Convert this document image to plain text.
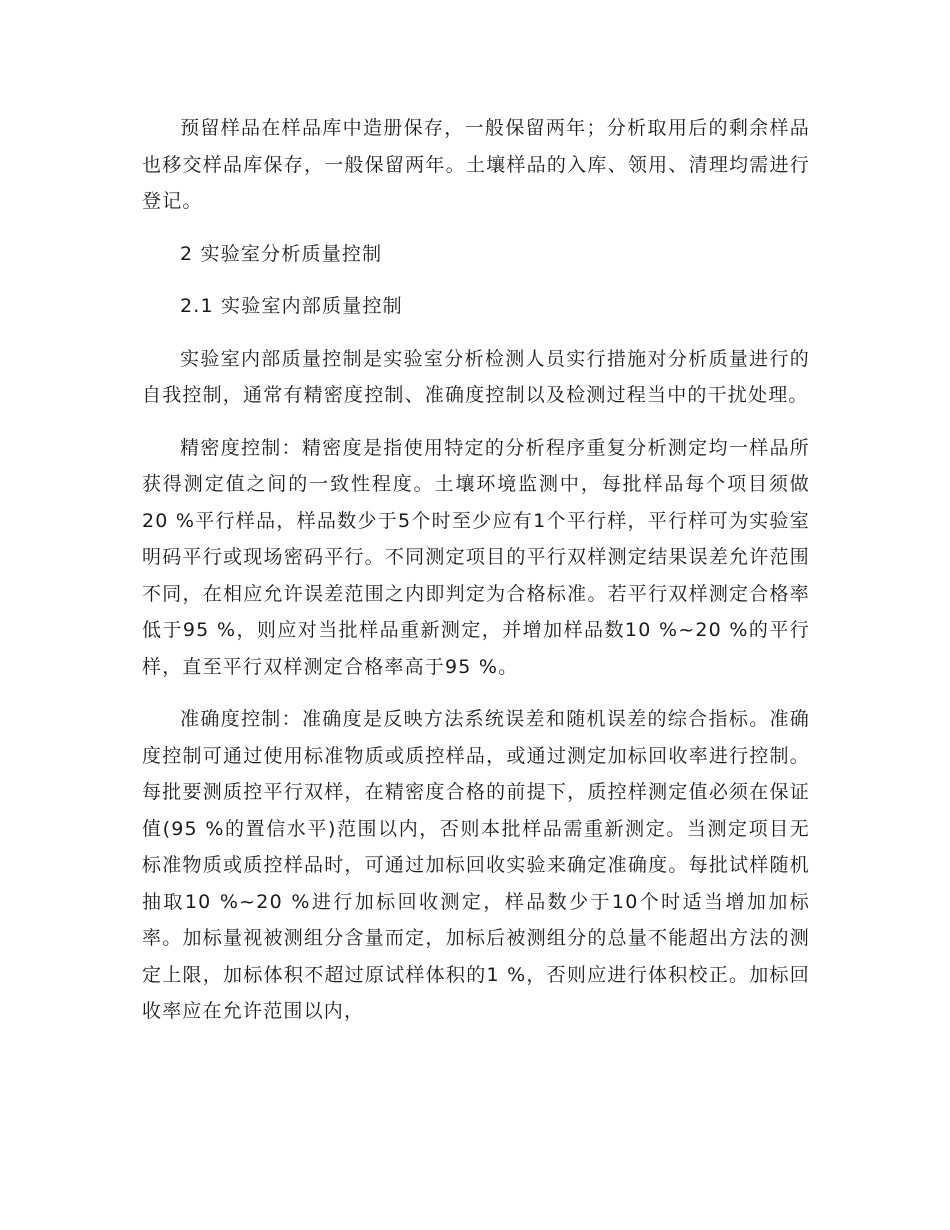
预留样品在样品库中造册保存，一般保留两年；分析取用后的剩余样品也移交样品库保存，一般保留两年。土壤样品的入库、领用、清理均需进行登记。

2 实验室分析质量控制

2.1 实验室内部质量控制

实验室内部质量控制是实验室分析检测人员实行措施对分析质量进行的自我控制，通常有精密度控制、准确度控制以及检测过程当中的干扰处理。

精密度控制：精密度是指使用特定的分析程序重复分析测定均一样品所获得测定值之间的一致性程度。土壤环境监测中，每批样品每个项目须做20 %平行样品，样品数少于5个时至少应有1个平行样，平行样可为实验室明码平行或现场密码平行。不同测定项目的平行双样测定结果误差允许范围不同，在相应允许误差范围之内即判定为合格标准。若平行双样测定合格率低于95 %，则应对当批样品重新测定，并增加样品数10 %~20 %的平行样，直至平行双样测定合格率高于95 %。

准确度控制：准确度是反映方法系统误差和随机误差的综合指标。准确度控制可通过使用标准物质或质控样品，或通过测定加标回收率进行控制。每批要测质控平行双样，在精密度合格的前提下，质控样测定值必须在保证值(95 %的置信水平)范围以内，否则本批样品需重新测定。当测定项目无标准物质或质控样品时，可通过加标回收实验来确定准确度。每批试样随机抽取10 %~20 %进行加标回收测定，样品数少于10个时适当增加加标率。加标量视被测组分含量而定，加标后被测组分的总量不能超出方法的测定上限，加标体积不超过原试样体积的1 %，否则应进行体积校正。加标回收率应在允许范围以内，
